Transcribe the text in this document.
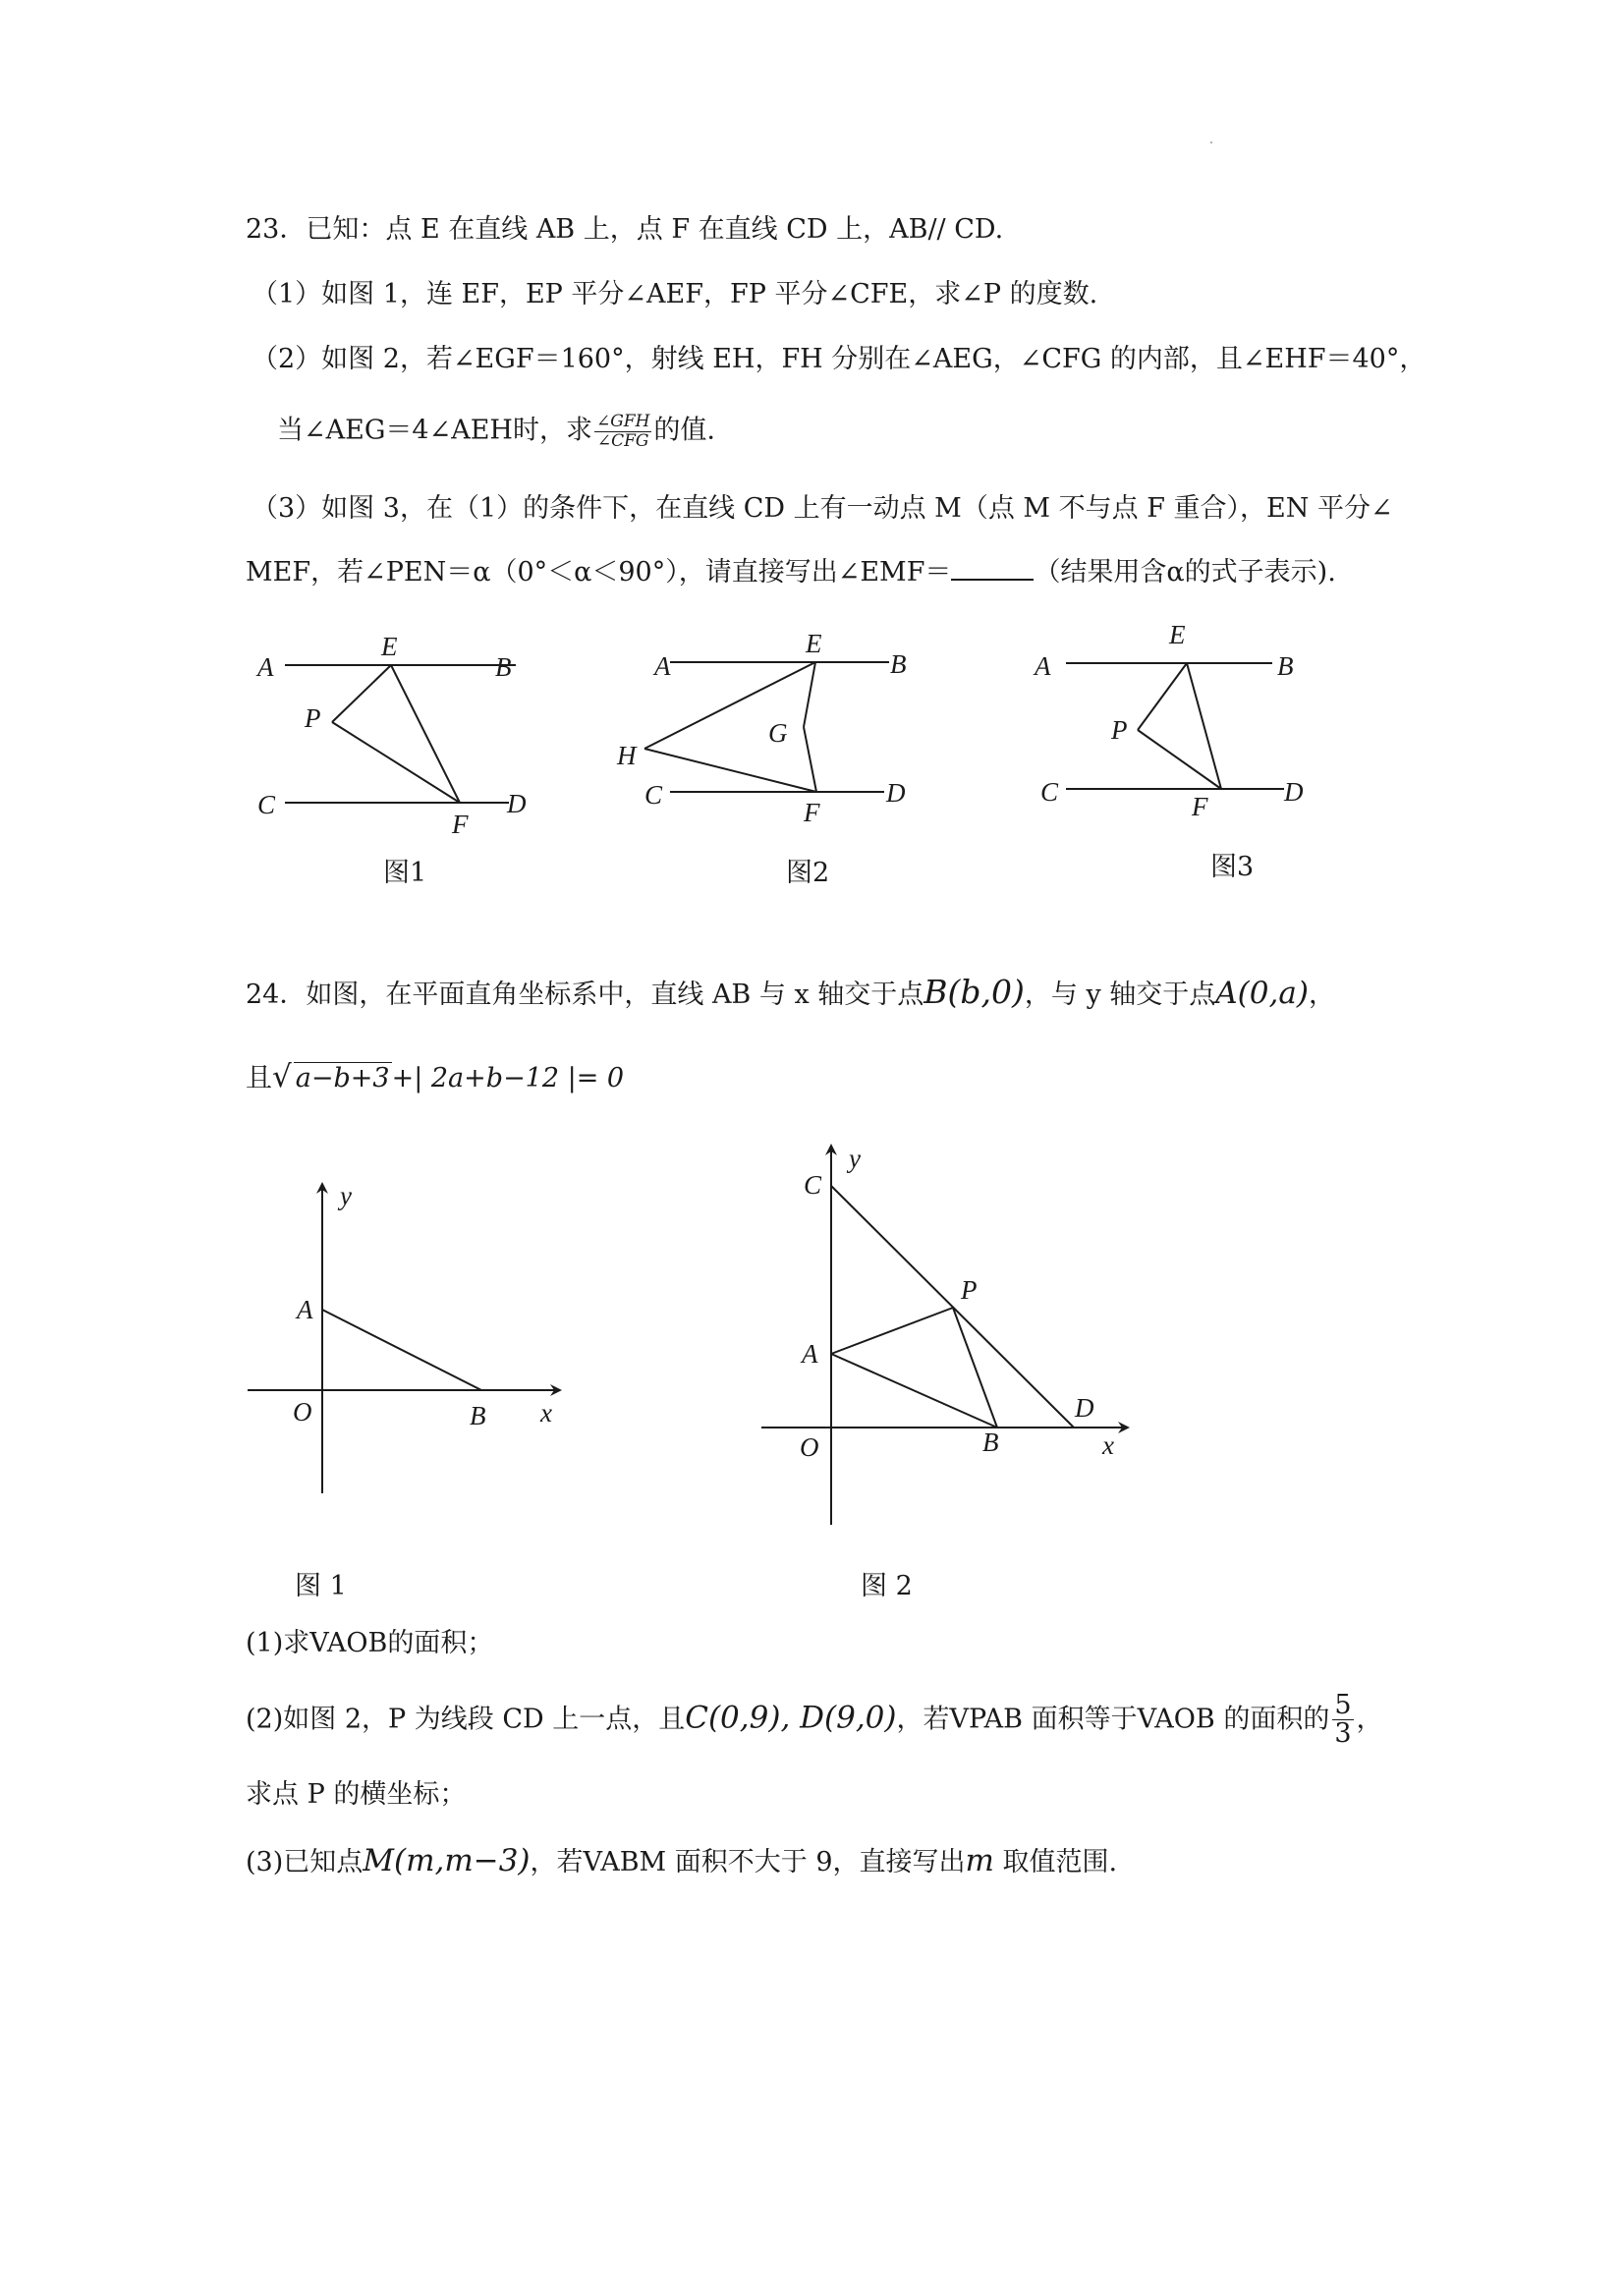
23．已知：点 E 在直线 AB 上，点 F 在直线 CD 上，AB// CD.
（1）如图 1，连 EF，EP 平分∠AEF，FP 平分∠CFE，求∠P 的度数.
（2）如图 2，若∠EGF＝160°，射线 EH，FH 分别在∠AEG，∠CFG 的内部，且∠EHF＝40°，
当∠AEG＝4∠AEH时，求 $\frac{\text{∠GFH}}{\text{∠CFG}}$ 的值.
（3）如图 3，在（1）的条件下，在直线 CD 上有一动点 M（点 M 不与点 F 重合），EN 平分∠
MEF，若∠PEN＝α（0°＜α＜90°），请直接写出∠EMF＝	（结果用含α的式子表示).
A	B
E
P
C	D
F
图1
A	B
E
G
H
C	D
F
图2
A	B
E
P
C	D
F
图3
24．如图，在平面直角坐标系中，直线 AB 与 x 轴交于点B(b,0)，与 y 轴交于点A(0,a)，
且√ a−b+3+| 2a+b−12 |= 0
y
A
O	B x
图 1
y
C
P
A
D
O	B	x
图 2
(1)求VAOB的面积；
(2)如图 2，P 为线段 CD 上一点，且C(0,9), D(9,0)，若VPAB 面积等于VAOB 的面积的 $\frac{5}{3}$ ，
求点 P 的横坐标；
(3)已知点M(m,m−3)，若VABM 面积不大于 9，直接写出m 取值范围.
